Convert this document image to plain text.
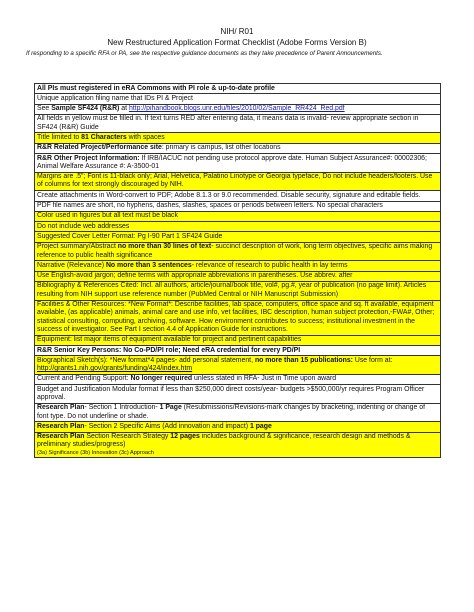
NIH/ R01
New Restructured Application Format Checklist (Adobe Forms Version B)
If responding to a specific RFA or PA, see the respective guidance documents as they take precedence of Parent Announcements.
All PIs must registered in eRA Commons with PI role & up-to-date profile
Unique application filing name that IDs PI & Project
See Sample SF424 (R&R) at http://pihandbook.blogs.unr.edu/files/2010/02/Sample_RR424_Red.pdf
All fields in yellow must be filled in. If text turns RED after entering data, it means data is invalid- review appropriate section in SF424 (R&R) Guide
Title limited to 81 Characters with spaces
R&R Related Project/Performance site: primary is campus, list other locations
R&R Other Project Information: If IRB/IACUC not pending use protocol approve date. Human Subject Assurance#: 00002306; Animal Welfare Assurance #: A-3500-01
Margins are .5"; Font is 11-black only; Arial, Helvetica, Palatino Linotype or Georgia typeface, Do not include headers/footers. Use of columns for text strongly discouraged by NIH.
Create attachments in Word-convert to PDF; Adobe 8.1.3 or 9.0 recommended. Disable security, signature and editable fields.
PDF file names are short, no hyphens, dashes, slashes, spaces or periods between letters. No special characters
Color used in figures but all text must be black
Do not include web addresses
Suggested Cover Letter Format: Pg I-90 Part 1 SF424 Guide
Project summary/Abstract no more than 30 lines of text- succinct description of work, long term objectives, specific aims making reference to public health significance
Narrative (Relevance) No more than 3 sentences- relevance of research to public health in lay terms
Use English-avoid jargon; define terms with appropriate abbreviations in parentheses. Use abbrev. after
Bibliography & References Cited: Incl. all authors, article/journal/book title, vol#, pg.#, year of publication (no page limit). Articles resulting from NIH support use reference number (PubMed Central or NIH Manuscript Submission)
Facilities & Other Resources: *New Format*: Describe facilities, lab space, computers, office space and sq. ft available, equipment available, (as applicable) animals, animal care and use info, vet facilities, IBC description, human subject protection,-FWA#, Other; statistical consulting, computing, archiving, software. How environment contributes to success; institutional investment in the success of investigator. See Part I section 4.4 of Application Guide for instructions.
Equipment: list major items of equipment available for project and pertinent capabilities
R&R Senior Key Persons: No Co-PD/PI role; Need eRA credential for every PD/PI
Biographical Sketch(s): *New format*4 pages- add personal statement, no more than 15 publications: Use form at: http://grants1.nih.gov/grants/funding/424/index.htm
Current and Pending Support: No longer required unless stated in RFA- Just in Time upon award
Budget and Justification Modular format if less than $250,000 direct costs/year- budgets >$500,000/yr requires Program Officer approval.
Research Plan- Section 1 Introduction- 1 Page (Resubmissions/Revisions-mark changes by bracketing, indenting or change of font type. Do not underline or shade.
Research Plan- Section 2 Specific Aims (Add innovation and impact) 1 page
Research Plan Section Research Strategy 12 pages includes background & significance, research design and methods & preliminary studies/progress)
(3a) Significance (3b) Innovation (3c) Approach
